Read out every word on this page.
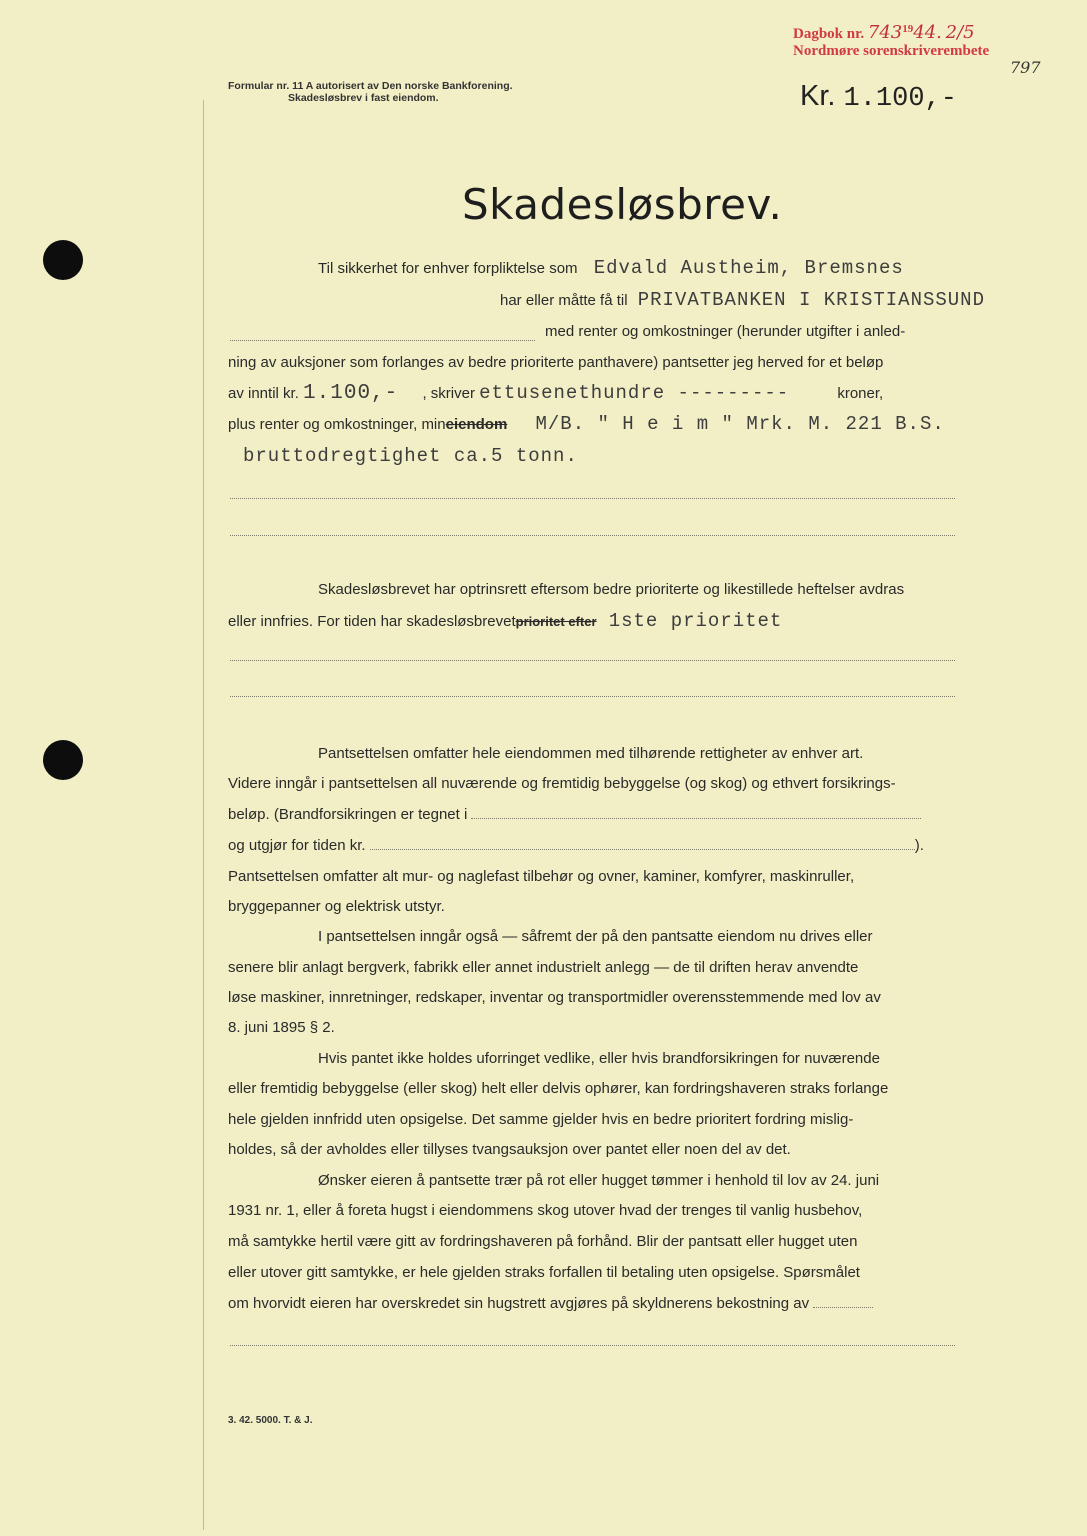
Dagbok nr. $743^{19}44$. 2/5
Nordmøre sorenskriverembete
797
Formular nr. 11 A autorisert av Den norske Bankforening.
Skadesløsbrev i fast eiendom.	Kr. 1.100,-
Skadesløsbrev.
Til sikkerhet for enhver forpliktelse som Edvald Austheim, Bremsnes
har eller måtte få til PRIVATBANKEN I KRISTIANSSUND
med renter og omkostninger (herunder utgifter i anled-
ning av auksjoner som forlanges av bedre prioriterte panthavere) pantsetter jeg herved for et beløp
av inntil kr. 1.100,- , skriver ettusenethundre ---------	kroner,
plus renter og omkostninger, mineiendom M/B. " H e i m " Mrk. M. 221 B.S.
bruttodregtighet ca.5 tonn.
Skadesløsbrevet har optrinsrett eftersom bedre prioriterte og likestillede heftelser avdras
eller innfries. For tiden har skadesløsbrevetprioritet efter 1ste prioritet
Pantsettelsen omfatter hele eiendommen med tilhørende rettigheter av enhver art.
Videre inngår i pantsettelsen all nuværende og fremtidig bebyggelse (og skog) og ethvert forsikrings-
beløp. (Brandforsikringen er tegnet i
og utgjør for tiden kr.	).
Pantsettelsen omfatter alt mur- og naglefast tilbehør og ovner, kaminer, komfyrer, maskinruller,
bryggepanner og elektrisk utstyr.
I pantsettelsen inngår også — såfremt der på den pantsatte eiendom nu drives eller
senere blir anlagt bergverk, fabrikk eller annet industrielt anlegg — de til driften herav anvendte
løse maskiner, innretninger, redskaper, inventar og transportmidler overensstemmende med lov av
8. juni 1895 § 2.
Hvis pantet ikke holdes uforringet vedlike, eller hvis brandforsikringen for nuværende
eller fremtidig bebyggelse (eller skog) helt eller delvis ophører, kan fordringshaveren straks forlange
hele gjelden innfridd uten opsigelse. Det samme gjelder hvis en bedre prioritert fordring mislig-
holdes, så der avholdes eller tillyses tvangsauksjon over pantet eller noen del av det.
Ønsker eieren å pantsette trær på rot eller hugget tømmer i henhold til lov av 24. juni
1931 nr. 1, eller å foreta hugst i eiendommens skog utover hvad der trenges til vanlig husbehov,
må samtykke hertil være gitt av fordringshaveren på forhånd. Blir der pantsatt eller hugget uten
eller utover gitt samtykke, er hele gjelden straks forfallen til betaling uten opsigelse. Spørsmålet
om hvorvidt eieren har overskredet sin hugstrett avgjøres på skyldnerens bekostning av
3. 42. 5000. T. & J.
